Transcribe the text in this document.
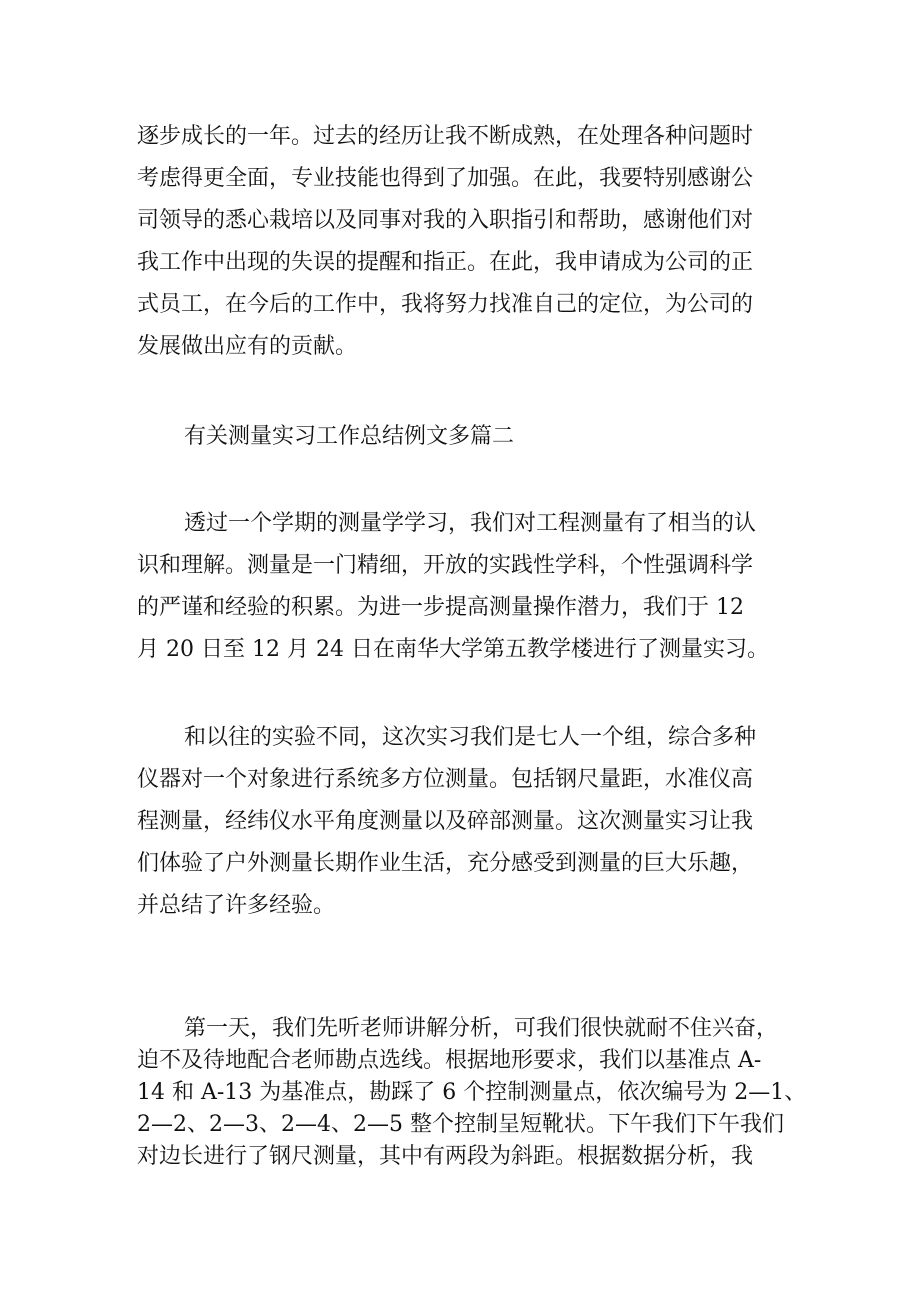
逐步成长的一年。过去的经历让我不断成熟，在处理各种问题时
考虑得更全面，专业技能也得到了加强。在此，我要特别感谢公
司领导的悉心栽培以及同事对我的入职指引和帮助，感谢他们对
我工作中出现的失误的提醒和指正。在此，我申请成为公司的正
式员工，在今后的工作中，我将努力找准自己的定位，为公司的
发展做出应有的贡献。

有关测量实习工作总结例文多篇二

透过一个学期的测量学学习，我们对工程测量有了相当的认
识和理解。测量是一门精细，开放的实践性学科，个性强调科学
的严谨和经验的积累。为进一步提高测量操作潜力，我们于 12
月 20 日至 12 月 24 日在南华大学第五教学楼进行了测量实习。

和以往的实验不同，这次实习我们是七人一个组，综合多种
仪器对一个对象进行系统多方位测量。包括钢尺量距，水准仪高
程测量，经纬仪水平角度测量以及碎部测量。这次测量实习让我
们体验了户外测量长期作业生活，充分感受到测量的巨大乐趣，
并总结了许多经验。

第一天，我们先听老师讲解分析，可我们很快就耐不住兴奋，
迫不及待地配合老师勘点选线。根据地形要求，我们以基准点 A-
14 和 A-13 为基准点，勘踩了 6 个控制测量点，依次编号为 2—1、
2—2、2—3、2—4、2—5 整个控制呈短靴状。下午我们下午我们
对边长进行了钢尺测量，其中有两段为斜距。根据数据分析，我
